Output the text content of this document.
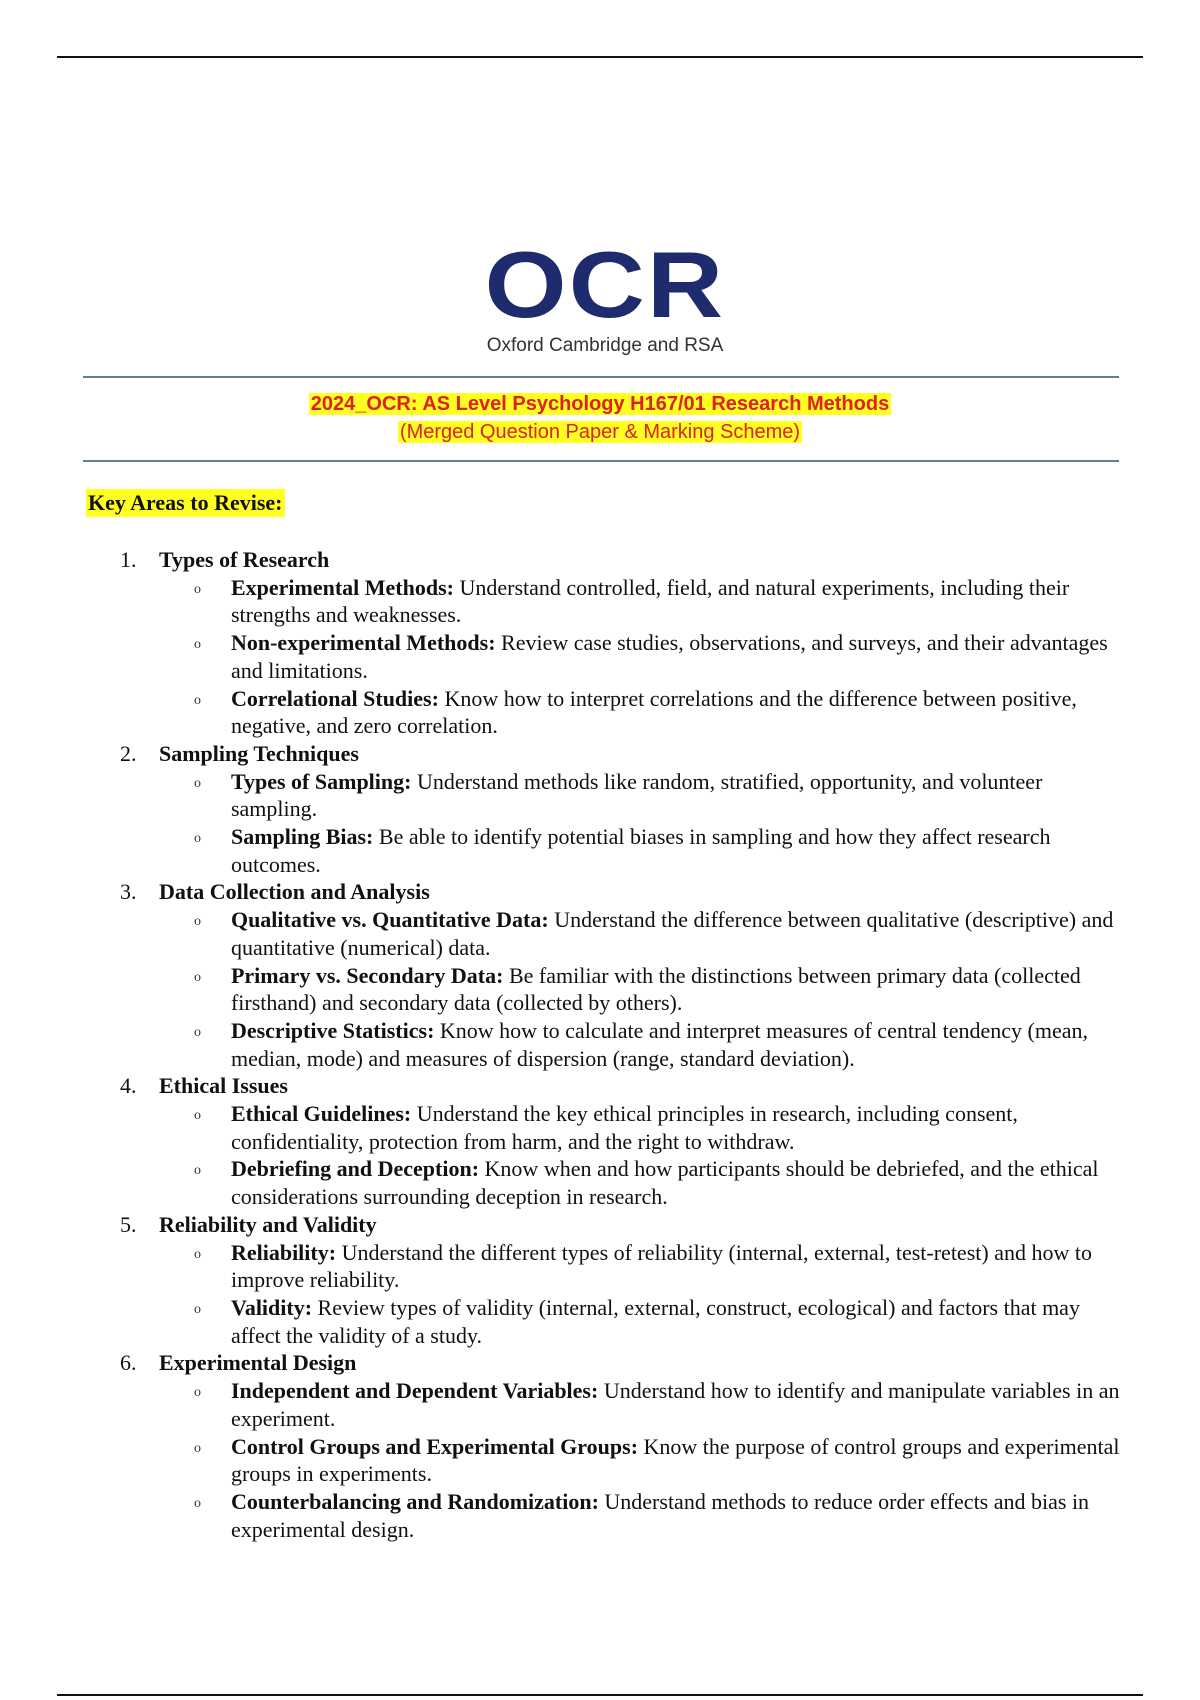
OCR
Oxford Cambridge and RSA
2024_OCR: AS Level Psychology H167/01 Research Methods
(Merged Question Paper & Marking Scheme)
Key Areas to Revise:
1.	Types of Research
o	Experimental Methods: Understand controlled, field, and natural experiments, including their strengths and weaknesses.
o	Non-experimental Methods: Review case studies, observations, and surveys, and their advantages and limitations.
o	Correlational Studies: Know how to interpret correlations and the difference between positive, negative, and zero correlation.
2.	Sampling Techniques
o	Types of Sampling: Understand methods like random, stratified, opportunity, and volunteer sampling.
o	Sampling Bias: Be able to identify potential biases in sampling and how they affect research outcomes.
3.	Data Collection and Analysis
o	Qualitative vs. Quantitative Data: Understand the difference between qualitative (descriptive) and quantitative (numerical) data.
o	Primary vs. Secondary Data: Be familiar with the distinctions between primary data (collected firsthand) and secondary data (collected by others).
o	Descriptive Statistics: Know how to calculate and interpret measures of central tendency (mean, median, mode) and measures of dispersion (range, standard deviation).
4.	Ethical Issues
o	Ethical Guidelines: Understand the key ethical principles in research, including consent, confidentiality, protection from harm, and the right to withdraw.
o	Debriefing and Deception: Know when and how participants should be debriefed, and the ethical considerations surrounding deception in research.
5.	Reliability and Validity
o	Reliability: Understand the different types of reliability (internal, external, test-retest) and how to improve reliability.
o	Validity: Review types of validity (internal, external, construct, ecological) and factors that may affect the validity of a study.
6.	Experimental Design
o	Independent and Dependent Variables: Understand how to identify and manipulate variables in an experiment.
o	Control Groups and Experimental Groups: Know the purpose of control groups and experimental groups in experiments.
o	Counterbalancing and Randomization: Understand methods to reduce order effects and bias in experimental design.
